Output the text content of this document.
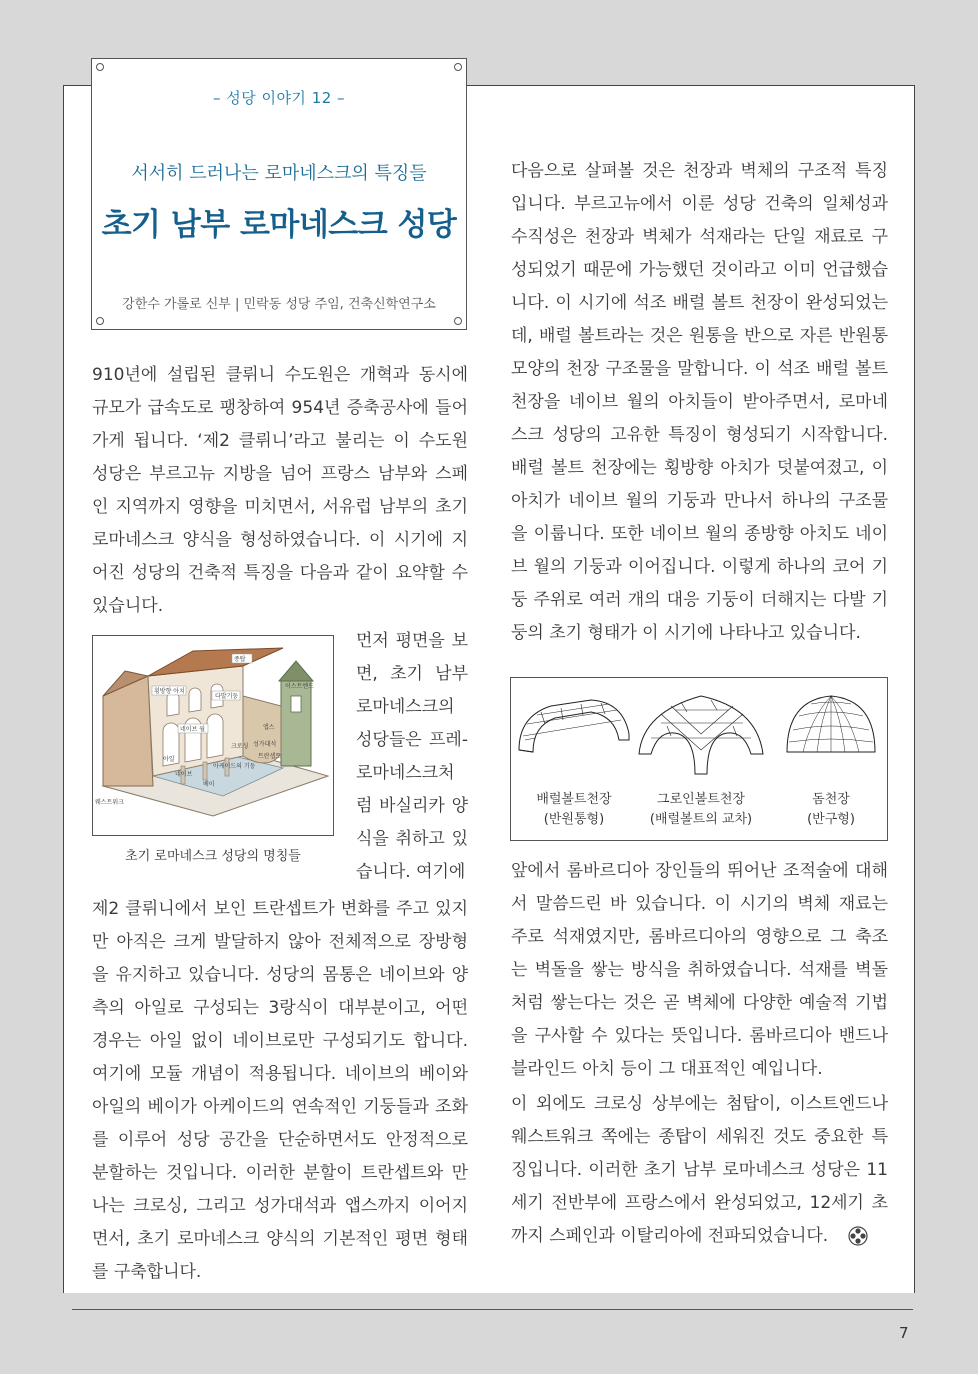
– 성당 이야기 12 –
서서히 드러나는 로마네스크의 특징들
초기 남부 로마네스크 성당
강한수 가롤로 신부 | 민락동 성당 주임, 건축신학연구소

910년에 설립된 클뤼니 수도원은 개혁과 동시에 규모가 급속도로 팽창하여 954년 증축공사에 들어가게 됩니다. ‘제2 클뤼니’라고 불리는 이 수도원 성당은 부르고뉴 지방을 넘어 프랑스 남부와 스페인 지역까지 영향을 미치면서, 서유럽 남부의 초기 로마네스크 양식을 형성하였습니다. 이 시기에 지어진 성당의 건축적 특징을 다음과 같이 요약할 수 있습니다.

종탑
이스트엔드
횡방향 아치
다발기둥
네이브 월	앱스
크로싱 성가대석
아일
아케이드의 기둥
트란셉트
네이브
베이
웨스트워크
초기 로마네스크 성당의 명칭들

먼저 평면을 보면, 초기 남부 로마네스크의 성당들은 프레-로마네스크처럼 바실리카 양식을 취하고 있습니다. 여기에

제2 클뤼니에서 보인 트란셉트가 변화를 주고 있지만 아직은 크게 발달하지 않아 전체적으로 장방형을 유지하고 있습니다. 성당의 몸통은 네이브와 양측의 아일로 구성되는 3랑식이 대부분이고, 어떤 경우는 아일 없이 네이브로만 구성되기도 합니다. 여기에 모듈 개념이 적용됩니다. 네이브의 베이와 아일의 베이가 아케이드의 연속적인 기둥들과 조화를 이루어 성당 공간을 단순하면서도 안정적으로 분할하는 것입니다. 이러한 분할이 트란셉트와 만나는 크로싱, 그리고 성가대석과 앱스까지 이어지면서, 초기 로마네스크 양식의 기본적인 평면 형태를 구축합니다.

다음으로 살펴볼 것은 천장과 벽체의 구조적 특징입니다. 부르고뉴에서 이룬 성당 건축의 일체성과 수직성은 천장과 벽체가 석재라는 단일 재료로 구성되었기 때문에 가능했던 것이라고 이미 언급했습니다. 이 시기에 석조 배럴 볼트 천장이 완성되었는데, 배럴 볼트라는 것은 원통을 반으로 자른 반원통 모양의 천장 구조물을 말합니다. 이 석조 배럴 볼트 천장을 네이브 월의 아치들이 받아주면서, 로마네스크 성당의 고유한 특징이 형성되기 시작합니다. 배럴 볼트 천장에는 횡방향 아치가 덧붙여졌고, 이 아치가 네이브 월의 기둥과 만나서 하나의 구조물을 이룹니다. 또한 네이브 월의 종방향 아치도 네이브 월의 기둥과 이어집니다. 이렇게 하나의 코어 기둥 주위로 여러 개의 대응 기둥이 더해지는 다발 기둥의 초기 형태가 이 시기에 나타나고 있습니다.

배럴볼트천장
(반원통형)
그로인볼트천장
(배럴볼트의 교차)
돔천장
(반구형)

앞에서 롬바르디아 장인들의 뛰어난 조적술에 대해서 말씀드린 바 있습니다. 이 시기의 벽체 재료는 주로 석재였지만, 롬바르디아의 영향으로 그 축조는 벽돌을 쌓는 방식을 취하였습니다. 석재를 벽돌처럼 쌓는다는 것은 곧 벽체에 다양한 예술적 기법을 구사할 수 있다는 뜻입니다. 롬바르디아 밴드나 블라인드 아치 등이 그 대표적인 예입니다.

이 외에도 크로싱 상부에는 첨탑이, 이스트엔드나 웨스트워크 쪽에는 종탑이 세워진 것도 중요한 특징입니다. 이러한 초기 남부 로마네스크 성당은 11세기 전반부에 프랑스에서 완성되었고, 12세기 초까지 스페인과 이탈리아에 전파되었습니다.

7
